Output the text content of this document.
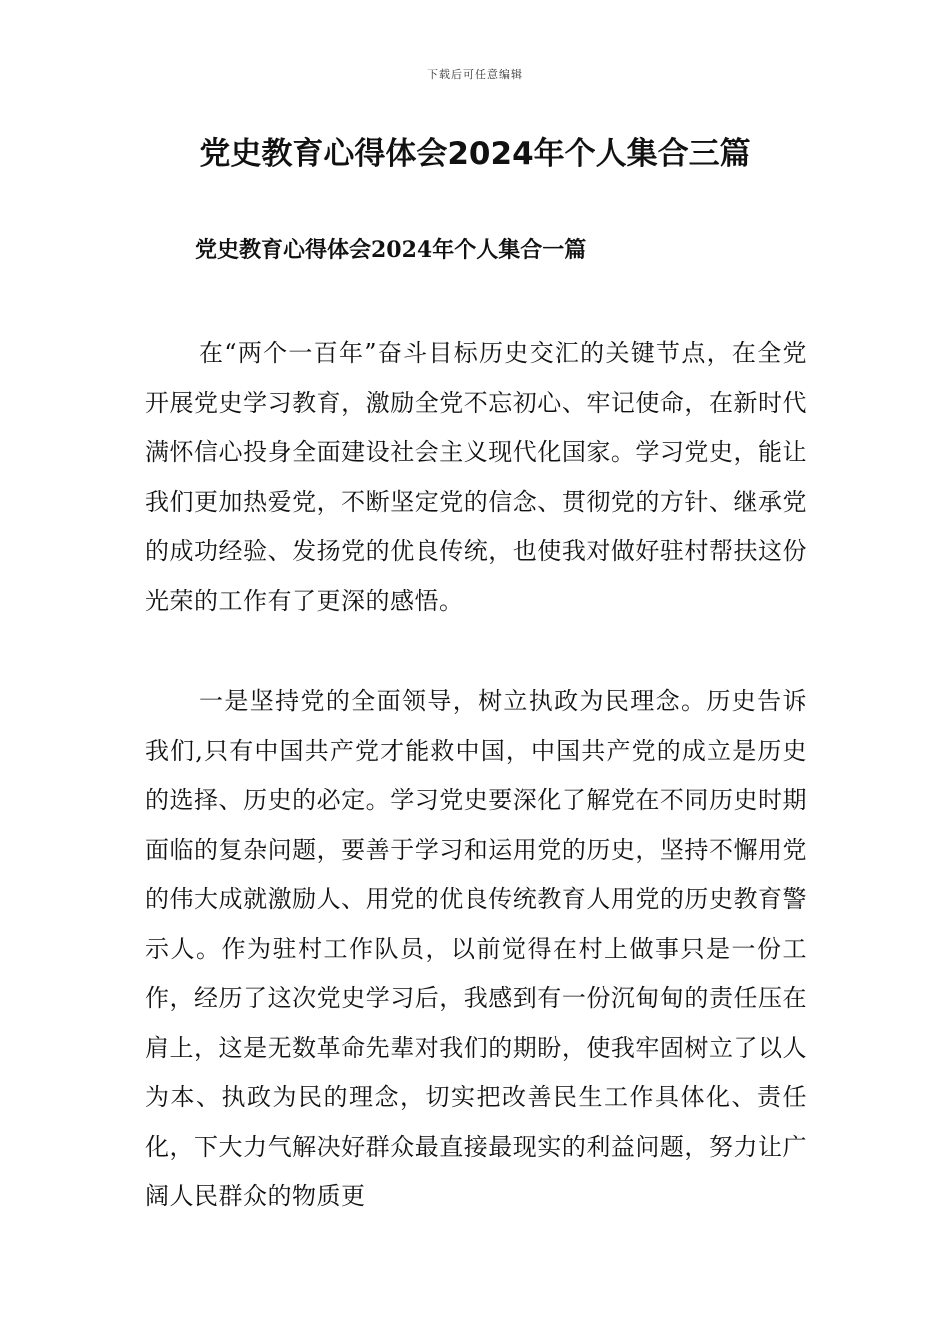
下载后可任意编辑
党史教育心得体会2024年个人集合三篇
党史教育心得体会2024年个人集合一篇

在“两个一百年”奋斗目标历史交汇的关键节点，在全党开展党史学习教育，激励全党不忘初心、牢记使命，在新时代满怀信心投身全面建设社会主义现代化国家。学习党史，能让我们更加热爱党，不断坚定党的信念、贯彻党的方针、继承党的成功经验、发扬党的优良传统，也使我对做好驻村帮扶这份光荣的工作有了更深的感悟。

一是坚持党的全面领导，树立执政为民理念。历史告诉我们,只有中国共产党才能救中国，中国共产党的成立是历史的选择、历史的必定。学习党史要深化了解党在不同历史时期面临的复杂问题，要善于学习和运用党的历史，坚持不懈用党的伟大成就激励人、用党的优良传统教育人用党的历史教育警示人。作为驻村工作队员，以前觉得在村上做事只是一份工作，经历了这次党史学习后，我感到有一份沉甸甸的责任压在肩上，这是无数革命先辈对我们的期盼，使我牢固树立了以人为本、执政为民的理念，切实把改善民生工作具体化、责任化，下大力气解决好群众最直接最现实的利益问题，努力让广阔人民群众的物质更
